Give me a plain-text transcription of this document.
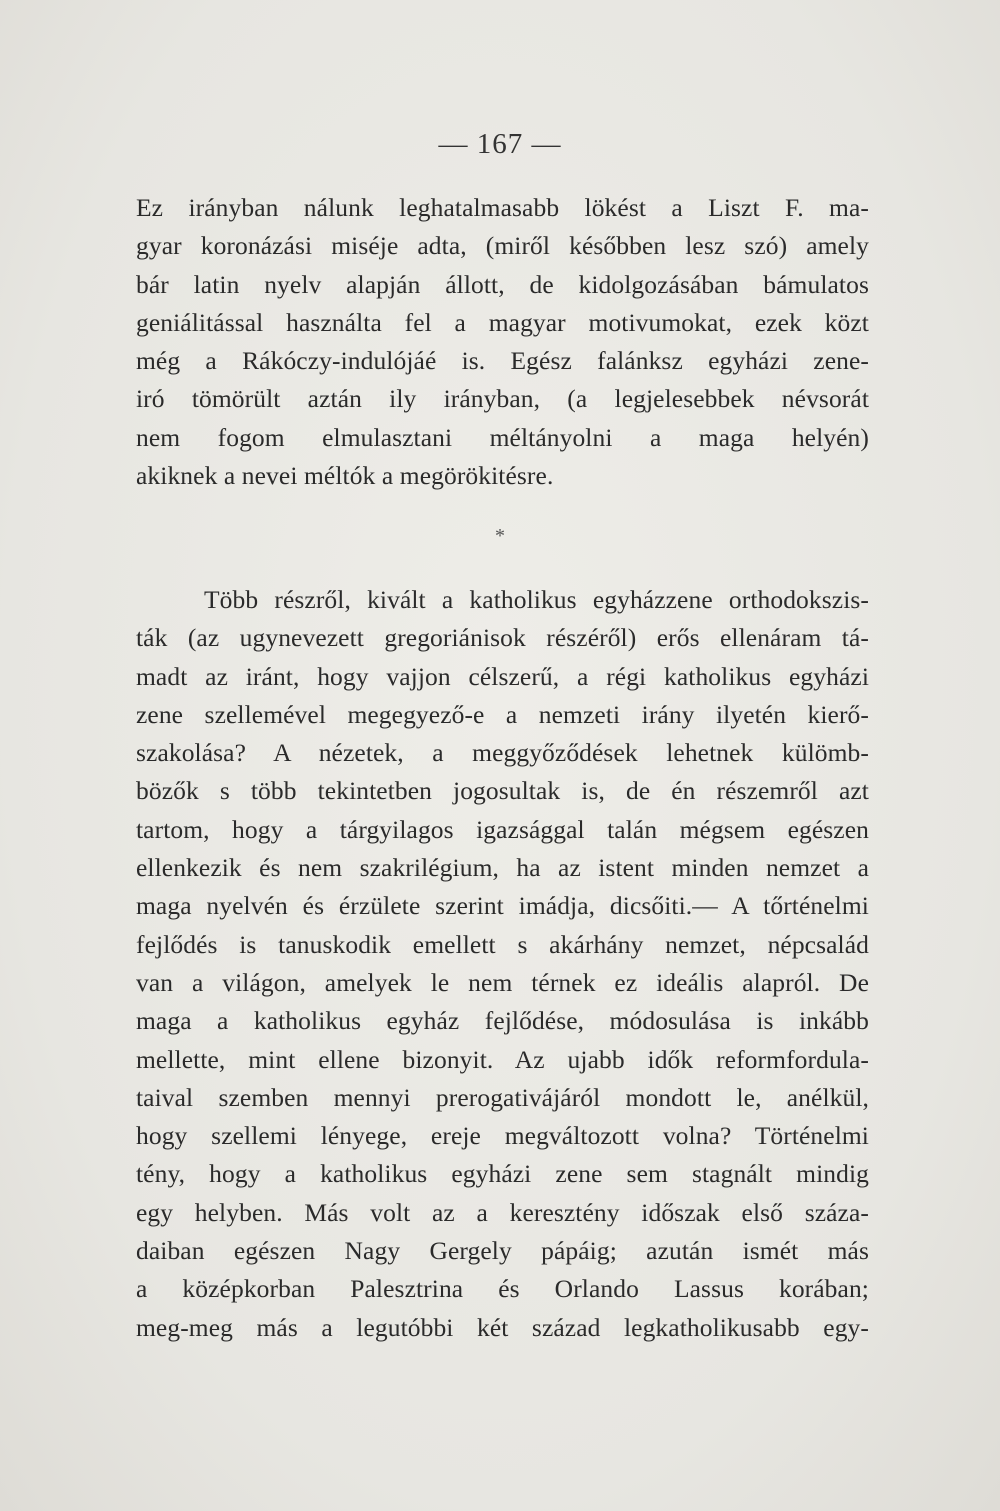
— 167 —
Ez irányban nálunk leghatalmasabb lökést a Liszt F. ma-
gyar koronázási miséje adta, (miről későbben lesz szó) amely
bár latin nyelv alapján állott, de kidolgozásában bámulatos
geniálitással használta fel a magyar motivumokat, ezek közt
még a Rákóczy-indulójáé is. Egész falánksz egyházi zene-
iró tömörült aztán ily irányban, (a legjelesebbek névsorát
nem fogom elmulasztani méltányolni a maga helyén)
akiknek a nevei méltók a megörökitésre.
*
Több részről, kivált a katholikus egyházzene orthodokszis-
ták (az ugynevezett gregoriánisok részéről) erős ellenáram tá-
madt az iránt, hogy vajjon célszerű, a régi katholikus egyházi
zene szellemével megegyező-e a nemzeti irány ilyetén kierő-
szakolása? A nézetek, a meggyőződések lehetnek külömb-
bözők s több tekintetben jogosultak is, de én részemről azt
tartom, hogy a tárgyilagos igazsággal talán mégsem egészen
ellenkezik és nem szakrilégium, ha az istent minden nemzet a
maga nyelvén és érzülete szerint imádja, dicsőiti.— A tőrténelmi
fejlődés is tanuskodik emellett s akárhány nemzet, népcsalád
van a világon, amelyek le nem térnek ez ideális alapról. De
maga a katholikus egyház fejlődése, módosulása is inkább
mellette, mint ellene bizonyit. Az ujabb idők reformfordula-
taival szemben mennyi prerogativájáról mondott le, anélkül,
hogy szellemi lényege, ereje megváltozott volna? Történelmi
tény, hogy a katholikus egyházi zene sem stagnált mindig
egy helyben. Más volt az a keresztény időszak első száza-
daiban egészen Nagy Gergely pápáig; azután ismét más
a középkorban Palesztrina és Orlando Lassus korában;
meg-meg más a legutóbbi két század legkatholikusabb egy-
